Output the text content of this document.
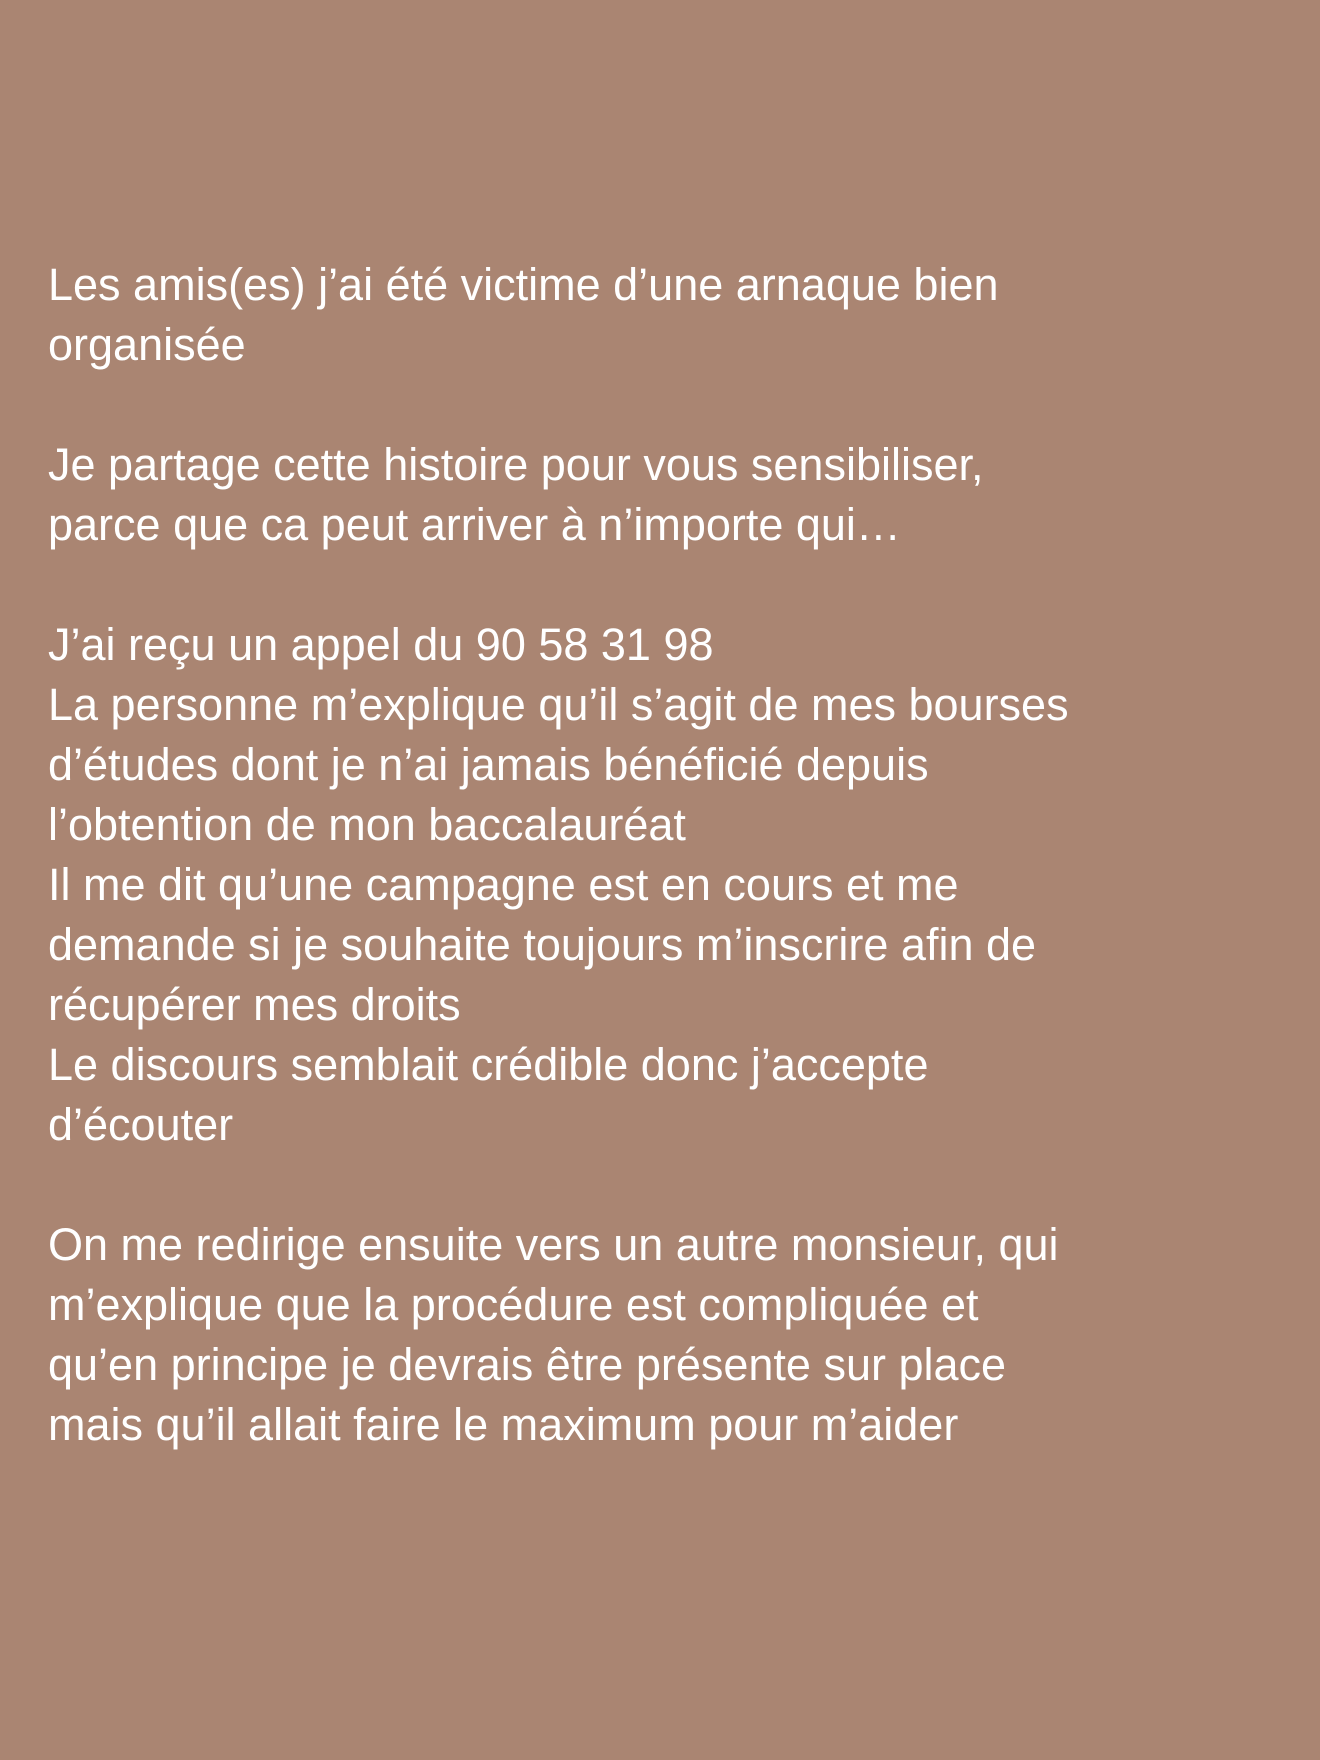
Les amis(es) j’ai été victime d’une arnaque bien
organisée

Je partage cette histoire pour vous sensibiliser,
parce que ca peut arriver à n’importe qui…

J’ai reçu un appel du 90 58 31 98
La personne m’explique qu’il s’agit de mes bourses
d’études dont je n’ai jamais bénéficié depuis
l’obtention de mon baccalauréat
Il me dit qu’une campagne est en cours et me
demande si je souhaite toujours m’inscrire afin de
récupérer mes droits
Le discours semblait crédible donc j’accepte
d’écouter

On me redirige ensuite vers un autre monsieur, qui
m’explique que la procédure est compliquée et
qu’en principe je devrais être présente sur place
mais qu’il allait faire le maximum pour m’aider
